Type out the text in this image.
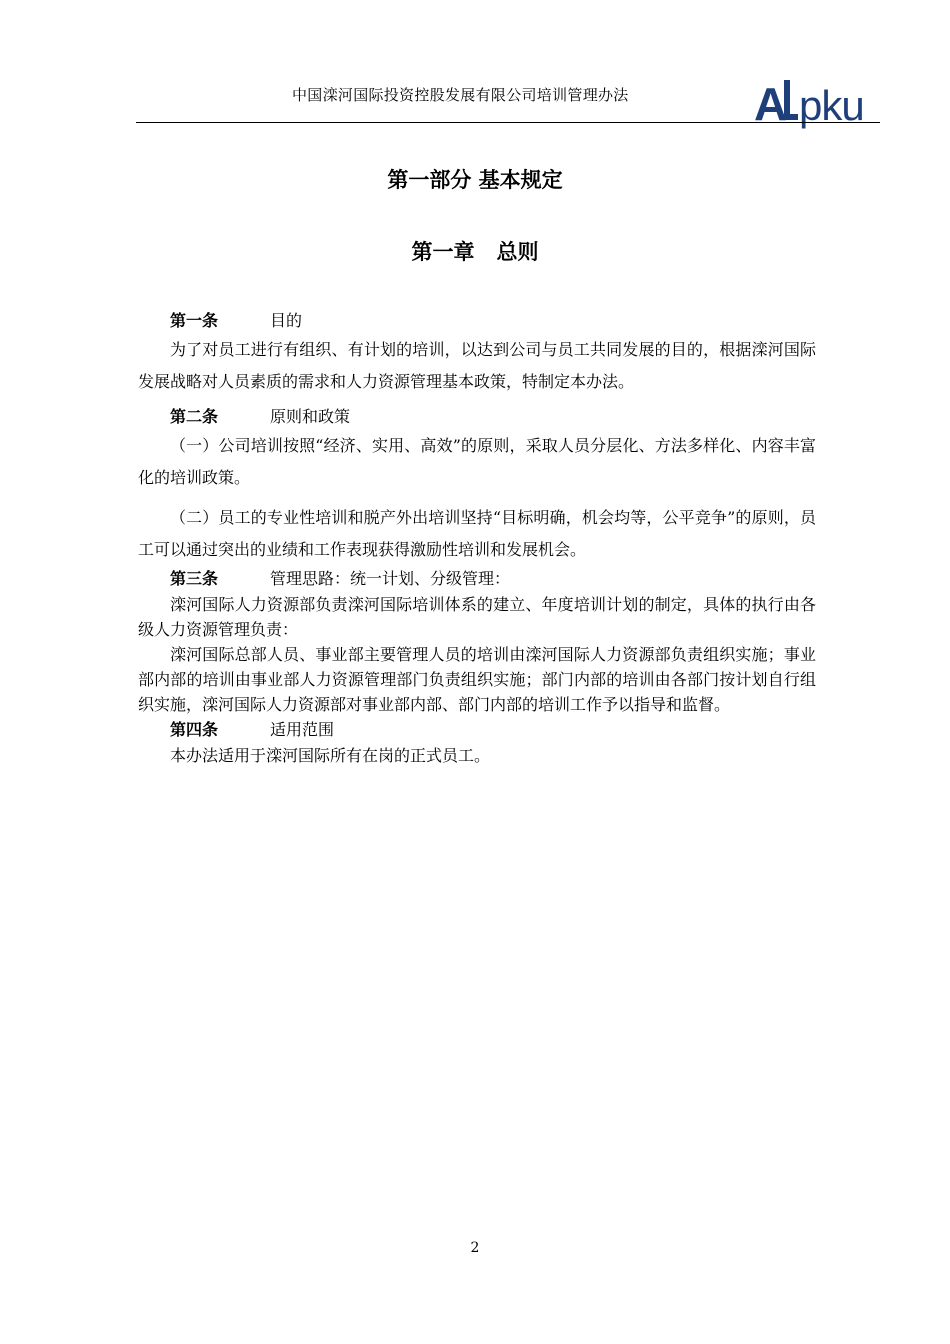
中国滦河国际投资控股发展有限公司培训管理办法	A pku
第一部分 基本规定
第一章   总则
第一条	目的

为了对员工进行有组织、有计划的培训，以达到公司与员工共同发展的目的，根据滦河国际发展战略对人员素质的需求和人力资源管理基本政策，特制定本办法。

第二条	原则和政策

（一）公司培训按照“经济、实用、高效”的原则，采取人员分层化、方法多样化、内容丰富化的培训政策。

（二）员工的专业性培训和脱产外出培训坚持“目标明确，机会均等，公平竞争”的原则，员工可以通过突出的业绩和工作表现获得激励性培训和发展机会。

第三条	管理思路：统一计划、分级管理：

滦河国际人力资源部负责滦河国际培训体系的建立、年度培训计划的制定，具体的执行由各级人力资源管理负责：

滦河国际总部人员、事业部主要管理人员的培训由滦河国际人力资源部负责组织实施；事业部内部的培训由事业部人力资源管理部门负责组织实施；部门内部的培训由各部门按计划自行组织实施，滦河国际人力资源部对事业部内部、部门内部的培训工作予以指导和监督。

第四条	适用范围

本办法适用于滦河国际所有在岗的正式员工。

2
